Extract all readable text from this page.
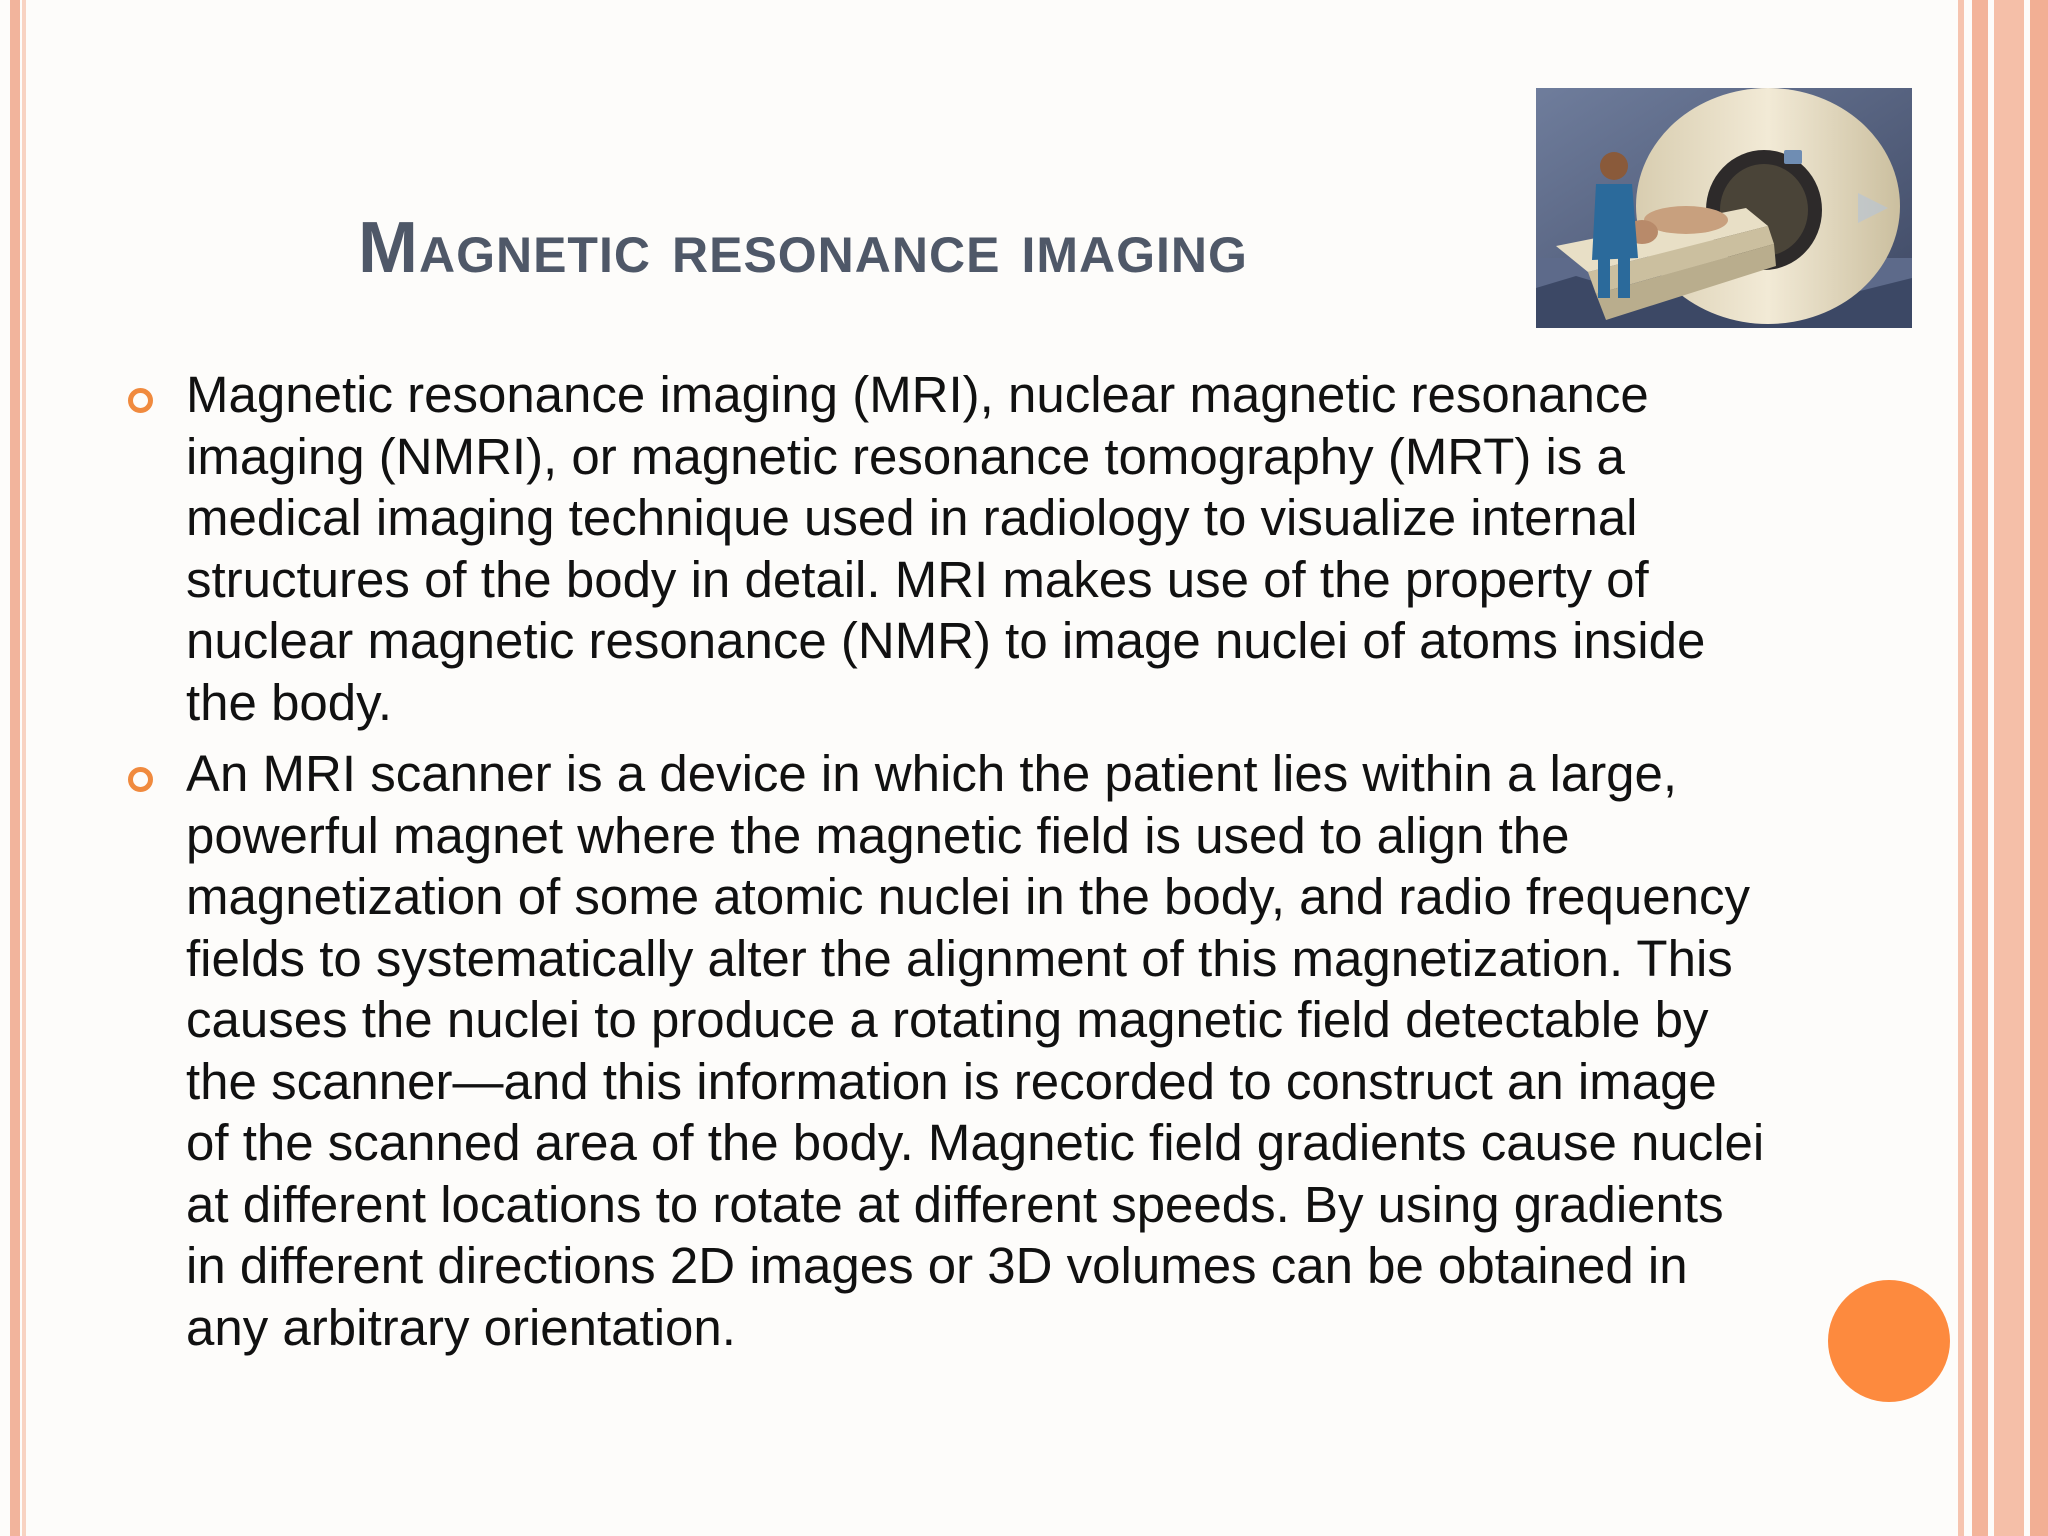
Magnetic resonance imaging
Magnetic resonance imaging (MRI), nuclear magnetic resonance imaging (NMRI), or magnetic resonance tomography (MRT) is a medical imaging technique used in radiology to visualize internal structures of the body in detail. MRI makes use of the property of nuclear magnetic resonance (NMR) to image nuclei of atoms inside the body.
An MRI scanner is a device in which the patient lies within a large, powerful magnet where the magnetic field is used to align the magnetization of some atomic nuclei in the body, and radio frequency fields to systematically alter the alignment of this magnetization. This causes the nuclei to produce a rotating magnetic field detectable by the scanner—and this information is recorded to construct an image of the scanned area of the body. Magnetic field gradients cause nuclei at different locations to rotate at different speeds. By using gradients in different directions 2D images or 3D volumes can be obtained in any arbitrary orientation.
